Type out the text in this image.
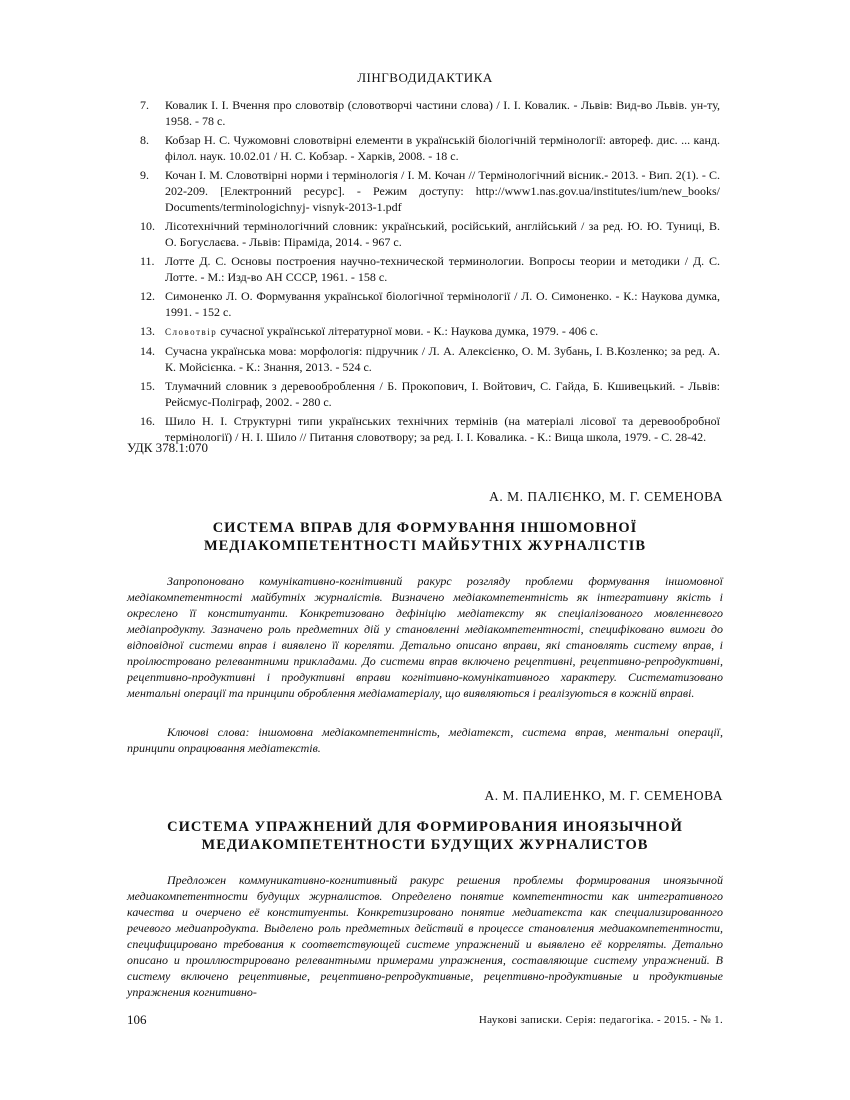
ЛІНГВОДИДАКТИКА
7.	Ковалик І. І. Вчення про словотвір (словотворчі частини слова) / І. І. Ковалик. - Львів: Вид-во Львів. ун-ту, 1958. - 78 с.
8.	Кобзар Н. С. Чужомовні словотвірні елементи в українській біологічній термінології: автореф. дис. ... канд. філол. наук. 10.02.01 / Н. С. Кобзар. - Харків, 2008. - 18 с.
9.	Кочан І. М. Словотвірні норми і термінологія / І. М. Кочан // Термінологічний вісник.- 2013. - Вип. 2(1). - С. 202-209. [Електронний ресурс]. - Режим доступу: http://www1.nas.gov.ua/institutes/ium/new_books/ Documents/terminologichnyj- visnyk-2013-1.pdf
10. Лісотехнічний термінологічний словник: український, російський, англійський / за ред. Ю. Ю. Туниці, В. О. Богуслаєва. - Львів: Піраміда, 2014. - 967 с.
11. Лотте Д. С. Основы построения научно-технической терминологии. Вопросы теории и методики / Д. С. Лотте. - М.: Изд-во АН СССР, 1961. - 158 с.
12. Симоненко Л. О. Формування української біологічної термінології / Л. О. Симоненко. - К.: Наукова думка, 1991. - 152 с.
13.	Словотвір сучасної української літературної мови. - К.: Наукова думка, 1979. - 406 с.
14. Сучасна українська мова: морфологія: підручник / Л. А. Алексієнко, О. М. Зубань, І. В.Козленко; за ред. А. К. Мойсієнка. - К.: Знання, 2013. - 524 с.
15. Тлумачний словник з деревооброблення / Б. Прокопович, І. Войтович, С. Гайда, Б. Кшивецький. - Львів: Рейсмус-Поліграф, 2002. - 280 с.
16. Шило Н. І. Структурні типи українських технічних термінів (на матеріалі лісової та деревообробної термінології) / Н. І. Шило // Питання словотвору; за ред. І. І. Ковалика. - К.: Вища школа, 1979. - С. 28-42.
УДК 378.1:070
А. М. ПАЛІЄНКО, М. Г. СЕМЕНОВА
СИСТЕМА ВПРАВ ДЛЯ ФОРМУВАННЯ ІНШОМОВНОЇ
МЕДІАКОМПЕТЕНТНОСТІ МАЙБУТНІХ ЖУРНАЛІСТІВ

Запропоновано комунікативно-когнітивний ракурс розгляду проблеми формування іншомовної медіакомпетентності майбутніх журналістів. Визначено медіакомпетентність як інтегративну якість і окреслено її конституанти. Конкретизовано дефініцію медіатексту як спеціалізованого мовленнєвого медіапродукту. Зазначено роль предметних дій у становленні медіакомпетентності, специфіковано вимоги до відповідної системи вправ і виявлено її кореляти. Детально описано вправи, які становлять систему вправ, і проілюстровано релевантними прикладами. До системи вправ включено рецептивні, рецептивно-репродуктивні, рецептивно-продуктивні і продуктивні вправи когнітивно-комунікативного характеру. Систематизовано ментальні операції та принципи оброблення медіаматеріалу, що виявляються і реалізуються в кожній вправі.

Ключові слова: іншомовна медіакомпетентність, медіатекст, система вправ, ментальні операції, принципи опрацювання медіатекстів.

А. М. ПАЛИЕНКО, М. Г. СЕМЕНОВА
СИСТЕМА УПРАЖНЕНИЙ ДЛЯ ФОРМИРОВАНИЯ ИНОЯЗЫЧНОЙ
МЕДИАКОМПЕТЕНТНОСТИ БУДУЩИХ ЖУРНАЛИСТОВ

Предложен коммуникативно-когнитивный ракурс решения проблемы формирования иноязычной медиакомпетентности будущих журналистов. Определено понятие компетентности как интегративного качества и очерчено её конституенты. Конкретизировано понятие медиатекста как специализированного речевого медиапродукта. Выделено роль предметных действий в процессе становления медиакомпетентности, специфицировано требования к соответствующей системе упражнений и выявлено её корреляты. Детально описано и проиллюстрировано релевантными примерами упражнения, составляющие систему упражнений. В систему включено рецептивные, рецептивно-репродуктивные, рецептивно-продуктивные и продуктивные упражнения когнитивно-

106	Наукові записки. Серія: педагогіка. - 2015. - № 1.
